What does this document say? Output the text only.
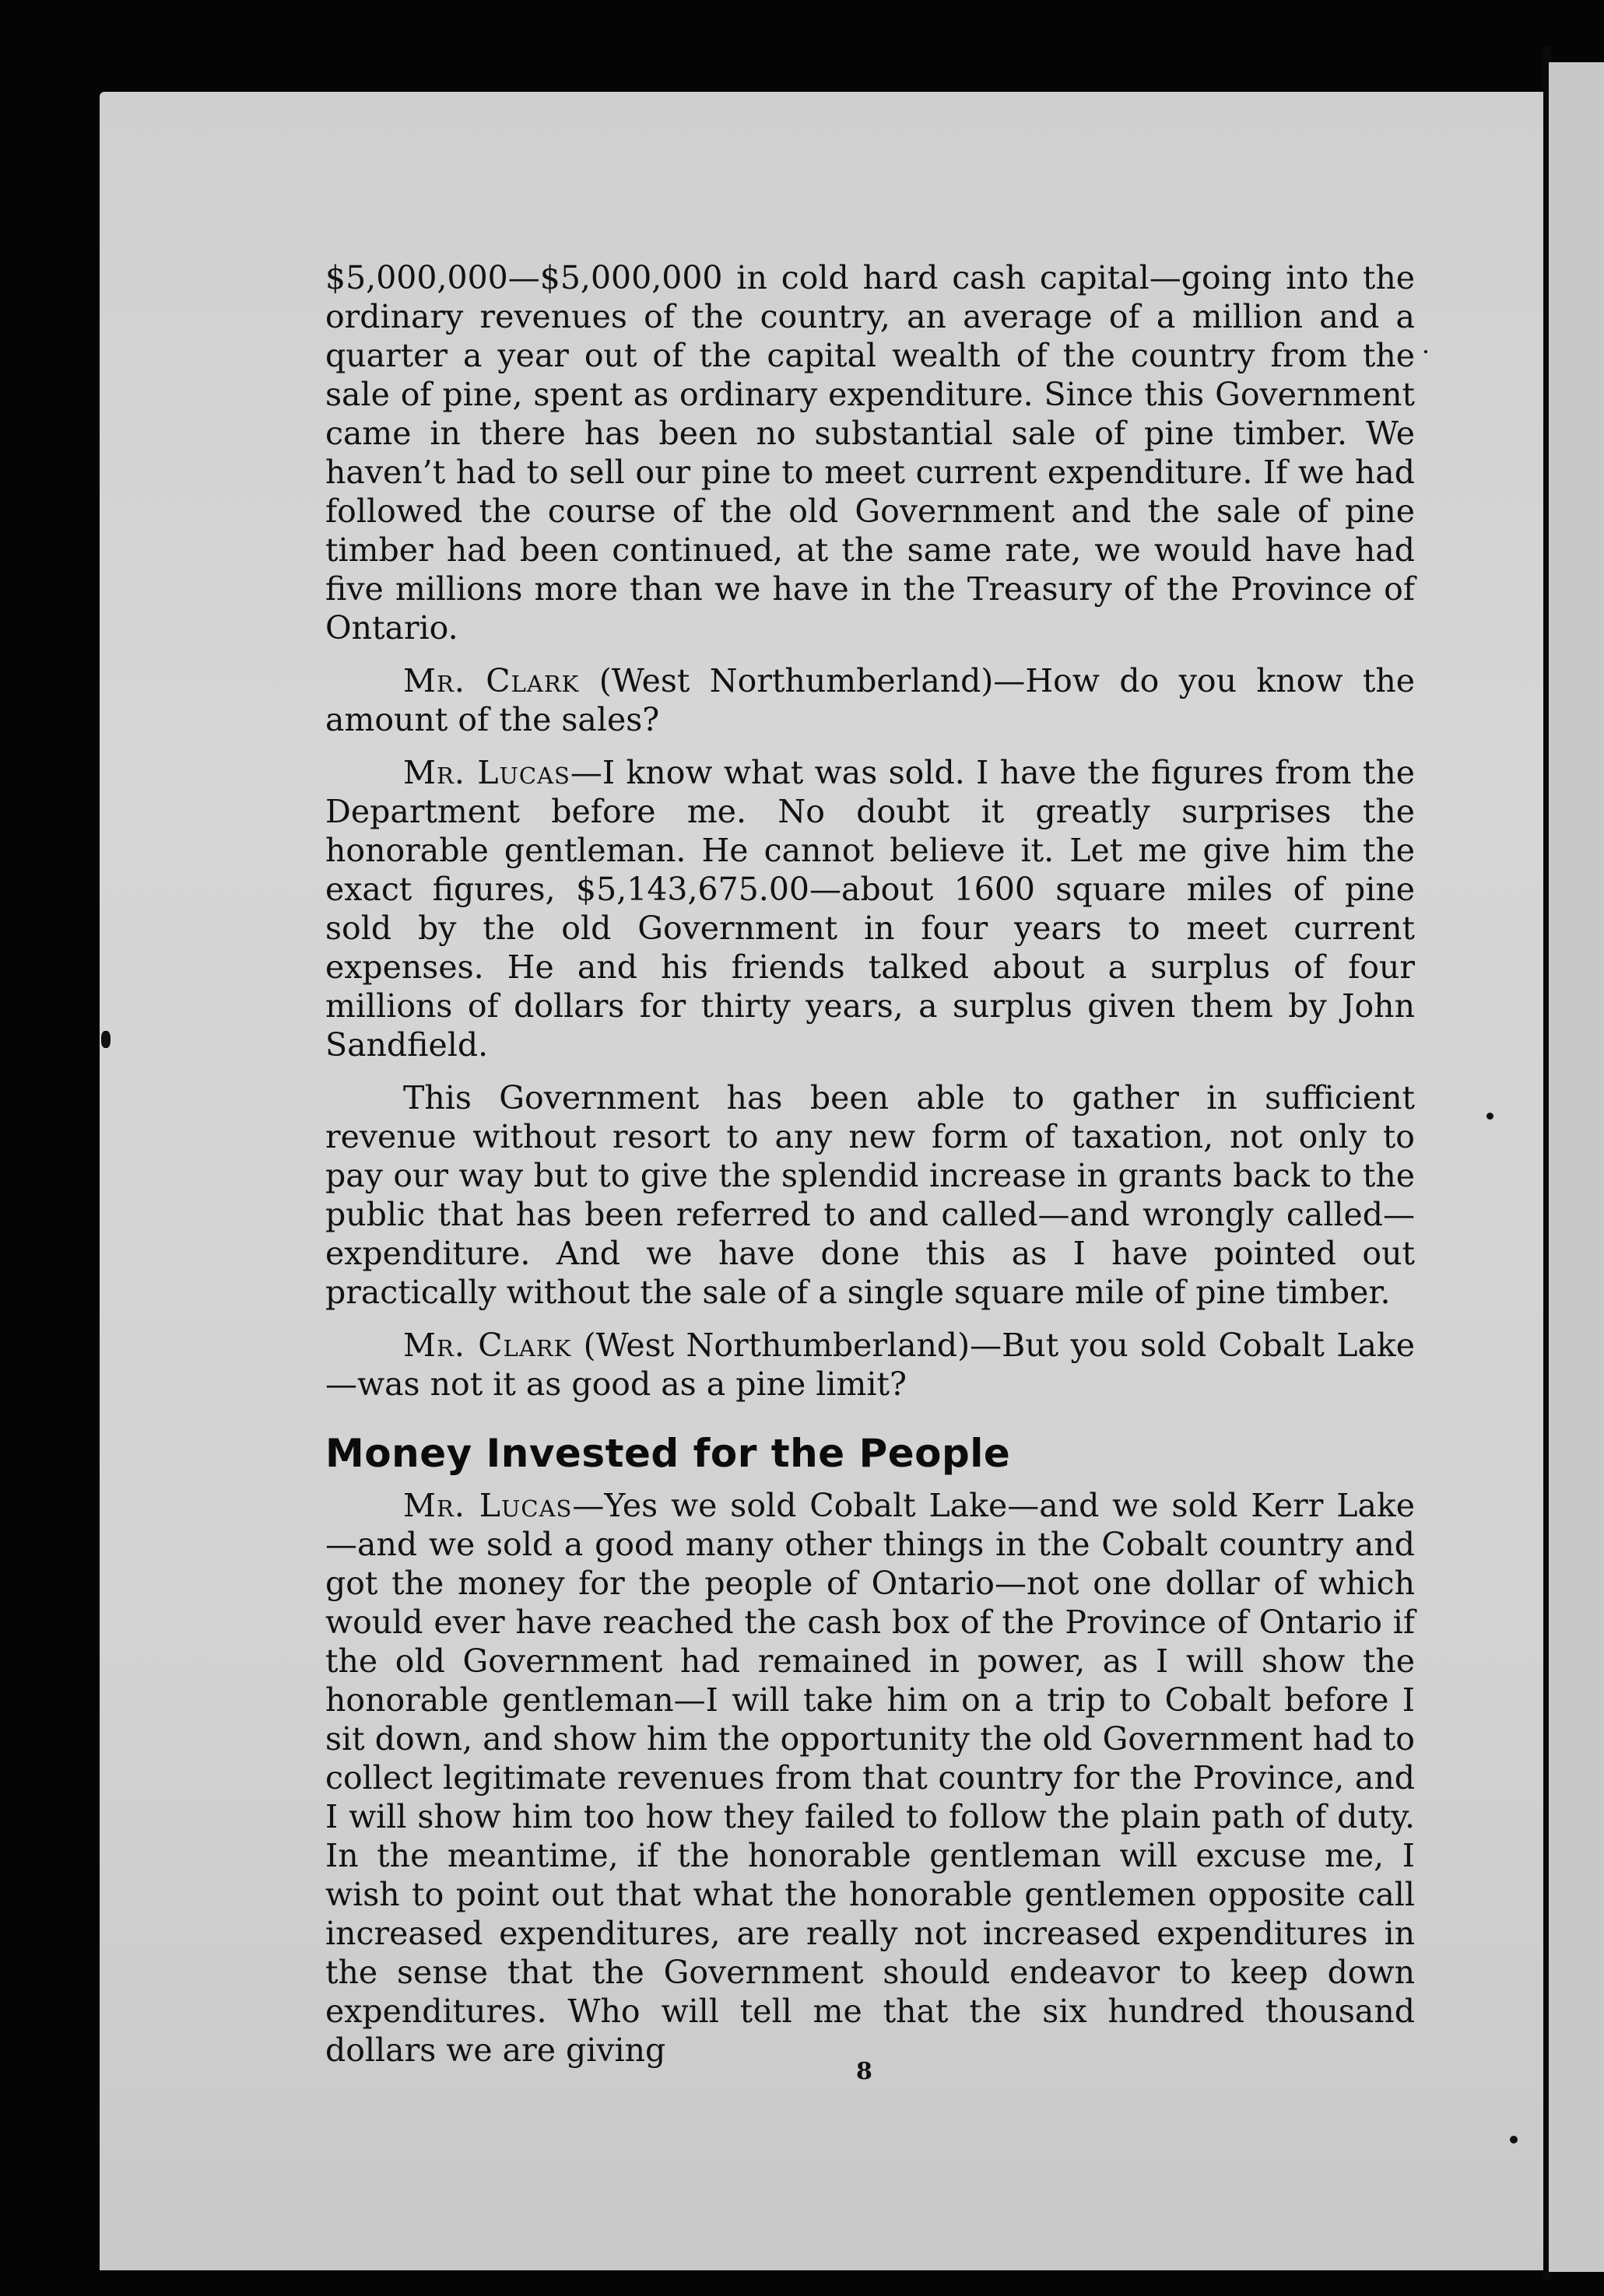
$5,000,000—$5,000,000 in cold hard cash capital—going into the ordinary revenues of the country, an average of a million and a quarter a year out of the capital wealth of the country from the sale of pine, spent as ordinary expenditure. Since this Government came in there has been no substantial sale of pine timber. We haven’t had to sell our pine to meet current expenditure. If we had followed the course of the old Government and the sale of pine timber had been continued, at the same rate, we would have had five millions more than we have in the Treasury of the Province of Ontario.

Mr. Clark (West Northumberland)—How do you know the amount of the sales?

Mr. Lucas—I know what was sold. I have the figures from the Department before me. No doubt it greatly surprises the honorable gentleman. He cannot believe it. Let me give him the exact figures, $5,143,675.00—about 1600 square miles of pine sold by the old Government in four years to meet current expenses. He and his friends talked about a surplus of four millions of dollars for thirty years, a surplus given them by John Sandfield.

This Government has been able to gather in sufficient revenue without resort to any new form of taxation, not only to pay our way but to give the splendid increase in grants back to the public that has been referred to and called—and wrongly called—expenditure. And we have done this as I have pointed out practically without the sale of a single square mile of pine timber.

Mr. Clark (West Northumberland)—But you sold Cobalt Lake—was not it as good as a pine limit?

Money Invested for the People

Mr. Lucas—Yes we sold Cobalt Lake—and we sold Kerr Lake—and we sold a good many other things in the Cobalt country and got the money for the people of Ontario—not one dollar of which would ever have reached the cash box of the Province of Ontario if the old Government had remained in power, as I will show the honorable gentleman—I will take him on a trip to Cobalt before I sit down, and show him the opportunity the old Government had to collect legitimate revenues from that country for the Province, and I will show him too how they failed to follow the plain path of duty. In the meantime, if the honorable gentleman will excuse me, I wish to point out that what the honorable gentlemen opposite call increased expenditures, are really not increased expenditures in the sense that the Government should endeavor to keep down expenditures. Who will tell me that the six hundred thousand dollars we are giving

8
